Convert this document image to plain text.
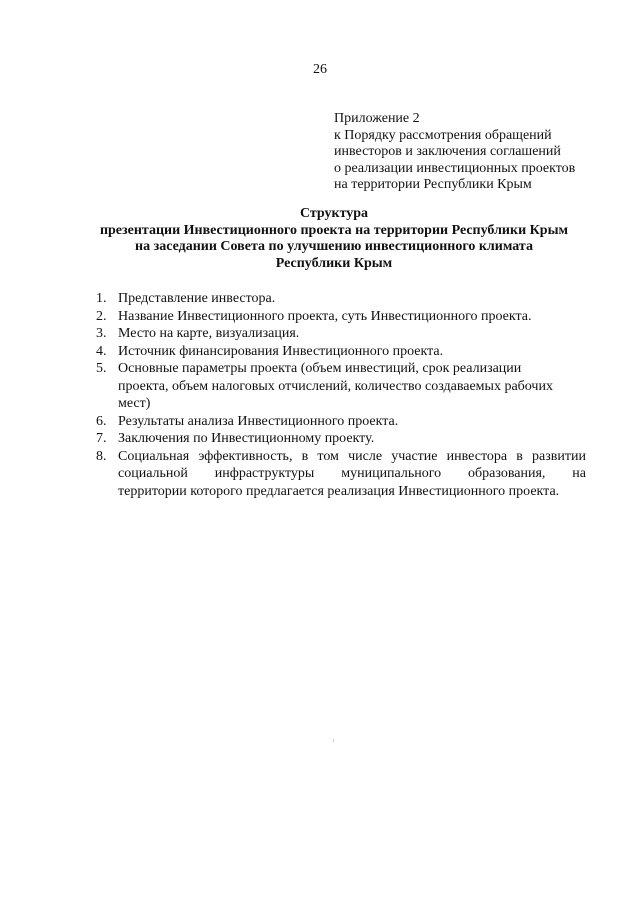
26
Приложение 2
к Порядку рассмотрения обращений
инвесторов и заключения соглашений
о реализации инвестиционных проектов
на территории Республики Крым
Структура
презентации Инвестиционного проекта на территории Республики Крым
на заседании Совета по улучшению инвестиционного климата
Республики Крым
1. Представление инвестора.
2. Название Инвестиционного проекта, суть Инвестиционного проекта.
3. Место на карте, визуализация.
4. Источник финансирования Инвестиционного проекта.
5. Основные параметры проекта (объем инвестиций, срок реализации
проекта, объем налоговых отчислений, количество создаваемых рабочих
мест)
6. Результаты анализа Инвестиционного проекта.
7. Заключения по Инвестиционному проекту.
8. Социальная эффективность, в том числе участие инвестора в развитии
социальной инфраструктуры муниципального образования, на
территории которого предлагается реализация Инвестиционного проекта.
